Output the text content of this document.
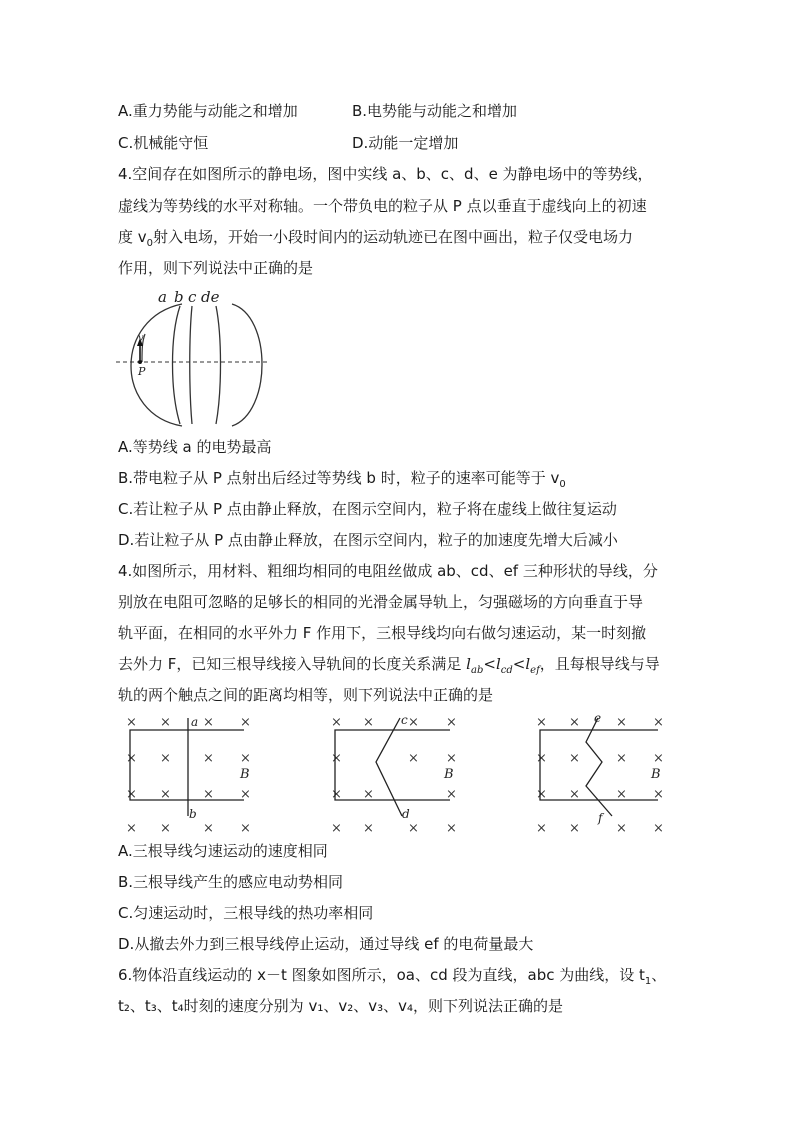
A.重力势能与动能之和增加	B.电势能与动能之和增加
C.机械能守恒	D.动能一定增加
4.空间存在如图所示的静电场，图中实线 a、b、c、d、e 为静电场中的等势线，
虚线为等势线的水平对称轴。一个带负电的粒子从 P 点以垂直于虚线向上的初速
度 $v_0$射入电场，开始一小段时间内的运动轨迹已在图中画出，粒子仅受电场力
作用，则下列说法中正确的是
a b c de
v
P
A.等势线 a 的电势最高
B.带电粒子从 P 点射出后经过等势线 b 时，粒子的速率可能等于 $v_0$
C.若让粒子从 P 点由静止释放，在图示空间内，粒子将在虚线上做往复运动
D.若让粒子从 P 点由静止释放，在图示空间内，粒子的加速度先增大后减小
4.如图所示，用材料、粗细均相同的电阻丝做成 ab、cd、ef 三种形状的导线，分
别放在电阻可忽略的足够长的相同的光滑金属导轨上，匀强磁场的方向垂直于导
轨平面，在相同的水平外力 F 作用下，三根导线均向右做匀速运动，某一时刻撤
去外力 F，已知三根导线接入导轨间的长度关系满足 $l_{ab}<l_{cd}<l_{ef}$，且每根导线与导
轨的两个触点之间的距离均相等，则下列说法中正确的是
× × × ×
× × × ×
× × × ×
× × × ×
a
b
B
× ×	× ×
×	× ×
× ×	×
× ×	× ×
c
d
B
× ×	× ×
× ×	× ×
× ×	× ×
× ×	× ×
e
f
B
A.三根导线匀速运动的速度相同
B.三根导线产生的感应电动势相同
C.匀速运动时，三根导线的热功率相同
D.从撤去外力到三根导线停止运动，通过导线 ef 的电荷量最大
6.物体沿直线运动的 x－t 图象如图所示，oa、cd 段为直线，abc 为曲线，设 $t_1$、
t₂、t₃、t₄时刻的速度分别为 v₁、v₂、v₃、v₄，则下列说法正确的是
